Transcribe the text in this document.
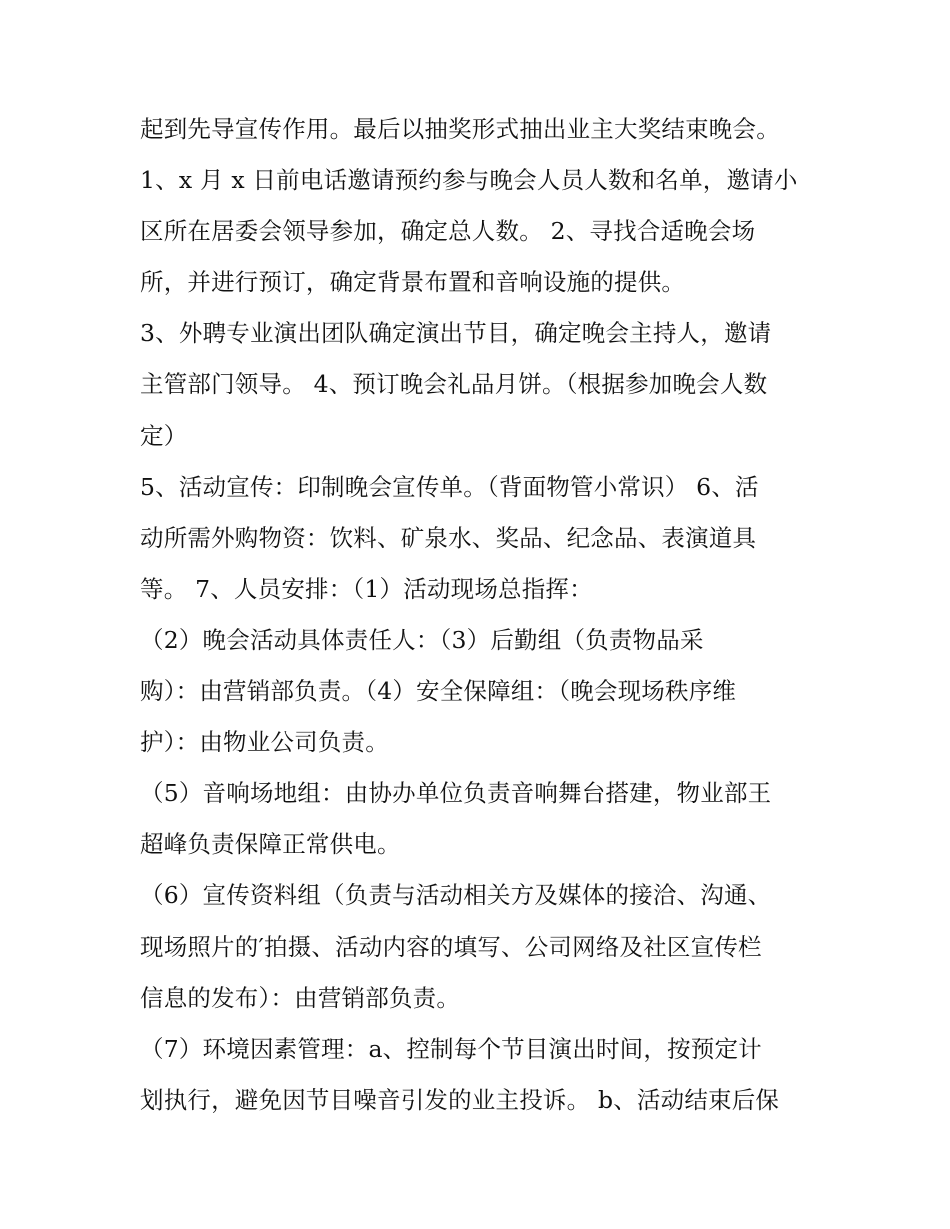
起到先导宣传作用。最后以抽奖形式抽出业主大奖结束晚会。
1、x 月 x 日前电话邀请预约参与晚会人员人数和名单，邀请小
区所在居委会领导参加，确定总人数。 2、寻找合适晚会场
所，并进行预订，确定背景布置和音响设施的提供。
3、外聘专业演出团队确定演出节目，确定晚会主持人，邀请
主管部门领导。 4、预订晚会礼品月饼。（根据参加晚会人数
定）
5、活动宣传：印制晚会宣传单。（背面物管小常识） 6、活
动所需外购物资：饮料、矿泉水、奖品、纪念品、表演道具
等。 7、人员安排：（1）活动现场总指挥：
（2）晚会活动具体责任人：（3）后勤组（负责物品采
购）：由营销部负责。（4）安全保障组：（晚会现场秩序维
护）：由物业公司负责。
（5）音响场地组：由协办单位负责音响舞台搭建，物业部王
超峰负责保障正常供电。
（6）宣传资料组（负责与活动相关方及媒体的接洽、沟通、
现场照片的′拍摄、活动内容的填写、公司网络及社区宣传栏
信息的发布）：由营销部负责。
（7）环境因素管理：a、控制每个节目演出时间，按预定计
划执行，避免因节目噪音引发的业主投诉。 b、活动结束后保
